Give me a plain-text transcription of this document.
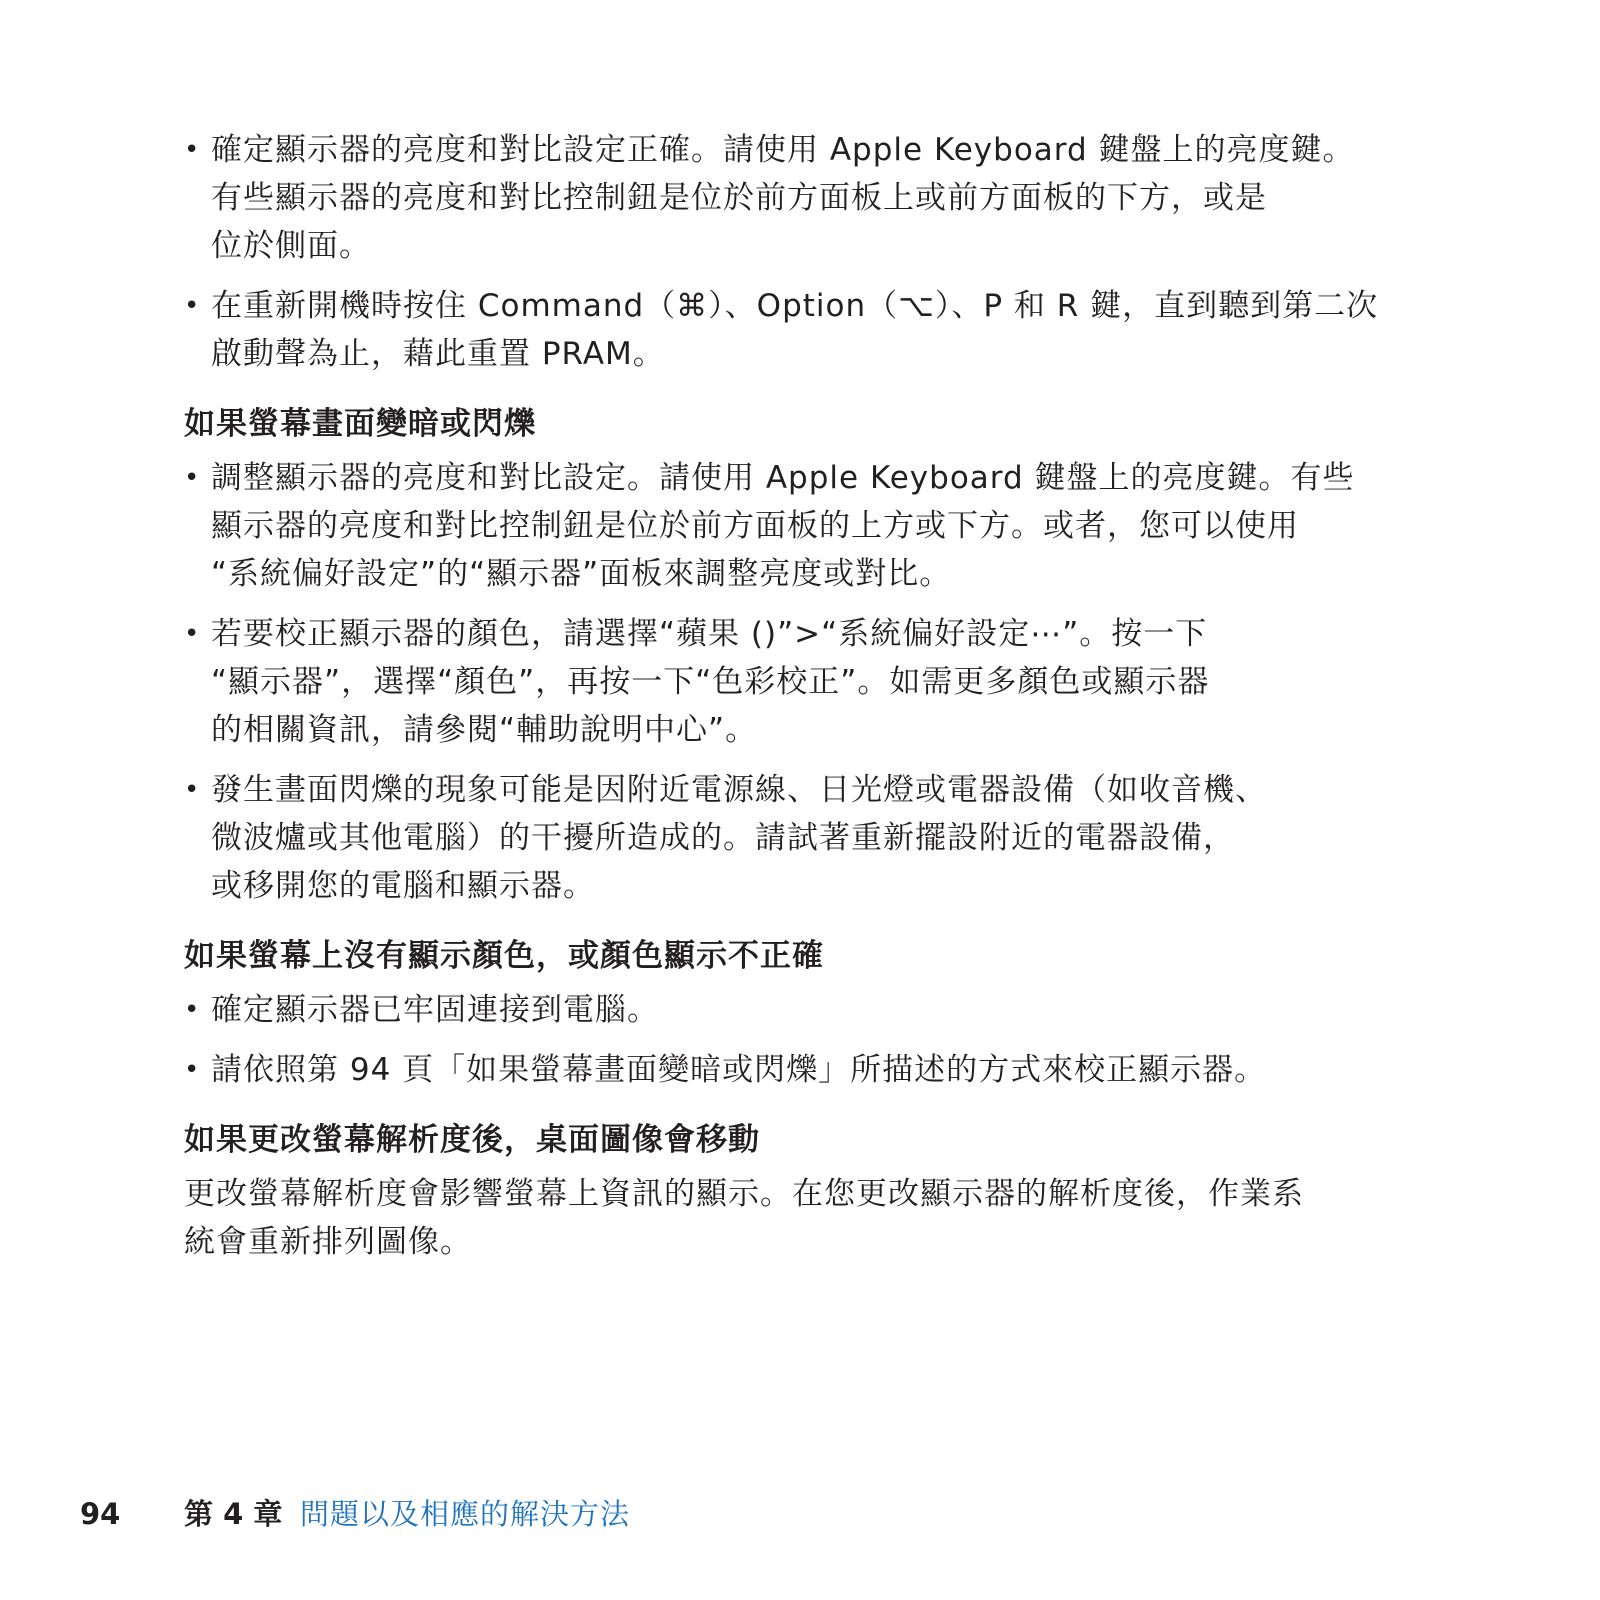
• 確定顯示器的亮度和對比設定正確。請使用 Apple Keyboard 鍵盤上的亮度鍵。
有些顯示器的亮度和對比控制鈕是位於前方面板上或前方面板的下方，或是
位於側面。
• 在重新開機時按住 Command（⌘）、Option（⌥）、P 和 R 鍵，直到聽到第二次
啟動聲為止，藉此重置 PRAM。
如果螢幕畫面變暗或閃爍
• 調整顯示器的亮度和對比設定。請使用 Apple Keyboard 鍵盤上的亮度鍵。有些
顯示器的亮度和對比控制鈕是位於前方面板的上方或下方。或者，您可以使用
“系統偏好設定”的“顯示器”面板來調整亮度或對比。
• 若要校正顯示器的顏色，請選擇“蘋果 ()”>“系統偏好設定⋯”。按一下
“顯示器”，選擇“顏色”，再按一下“色彩校正”。如需更多顏色或顯示器
的相關資訊，請參閱“輔助說明中心”。
• 發生畫面閃爍的現象可能是因附近電源線、日光燈或電器設備（如收音機、
微波爐或其他電腦）的干擾所造成的。請試著重新擺設附近的電器設備，
或移開您的電腦和顯示器。
如果螢幕上沒有顯示顏色，或顏色顯示不正確
• 確定顯示器已牢固連接到電腦。
• 請依照第 94 頁「如果螢幕畫面變暗或閃爍」所描述的方式來校正顯示器。
如果更改螢幕解析度後，桌面圖像會移動
更改螢幕解析度會影響螢幕上資訊的顯示。在您更改顯示器的解析度後，作業系
統會重新排列圖像。
94 第 4 章 問題以及相應的解決方法
